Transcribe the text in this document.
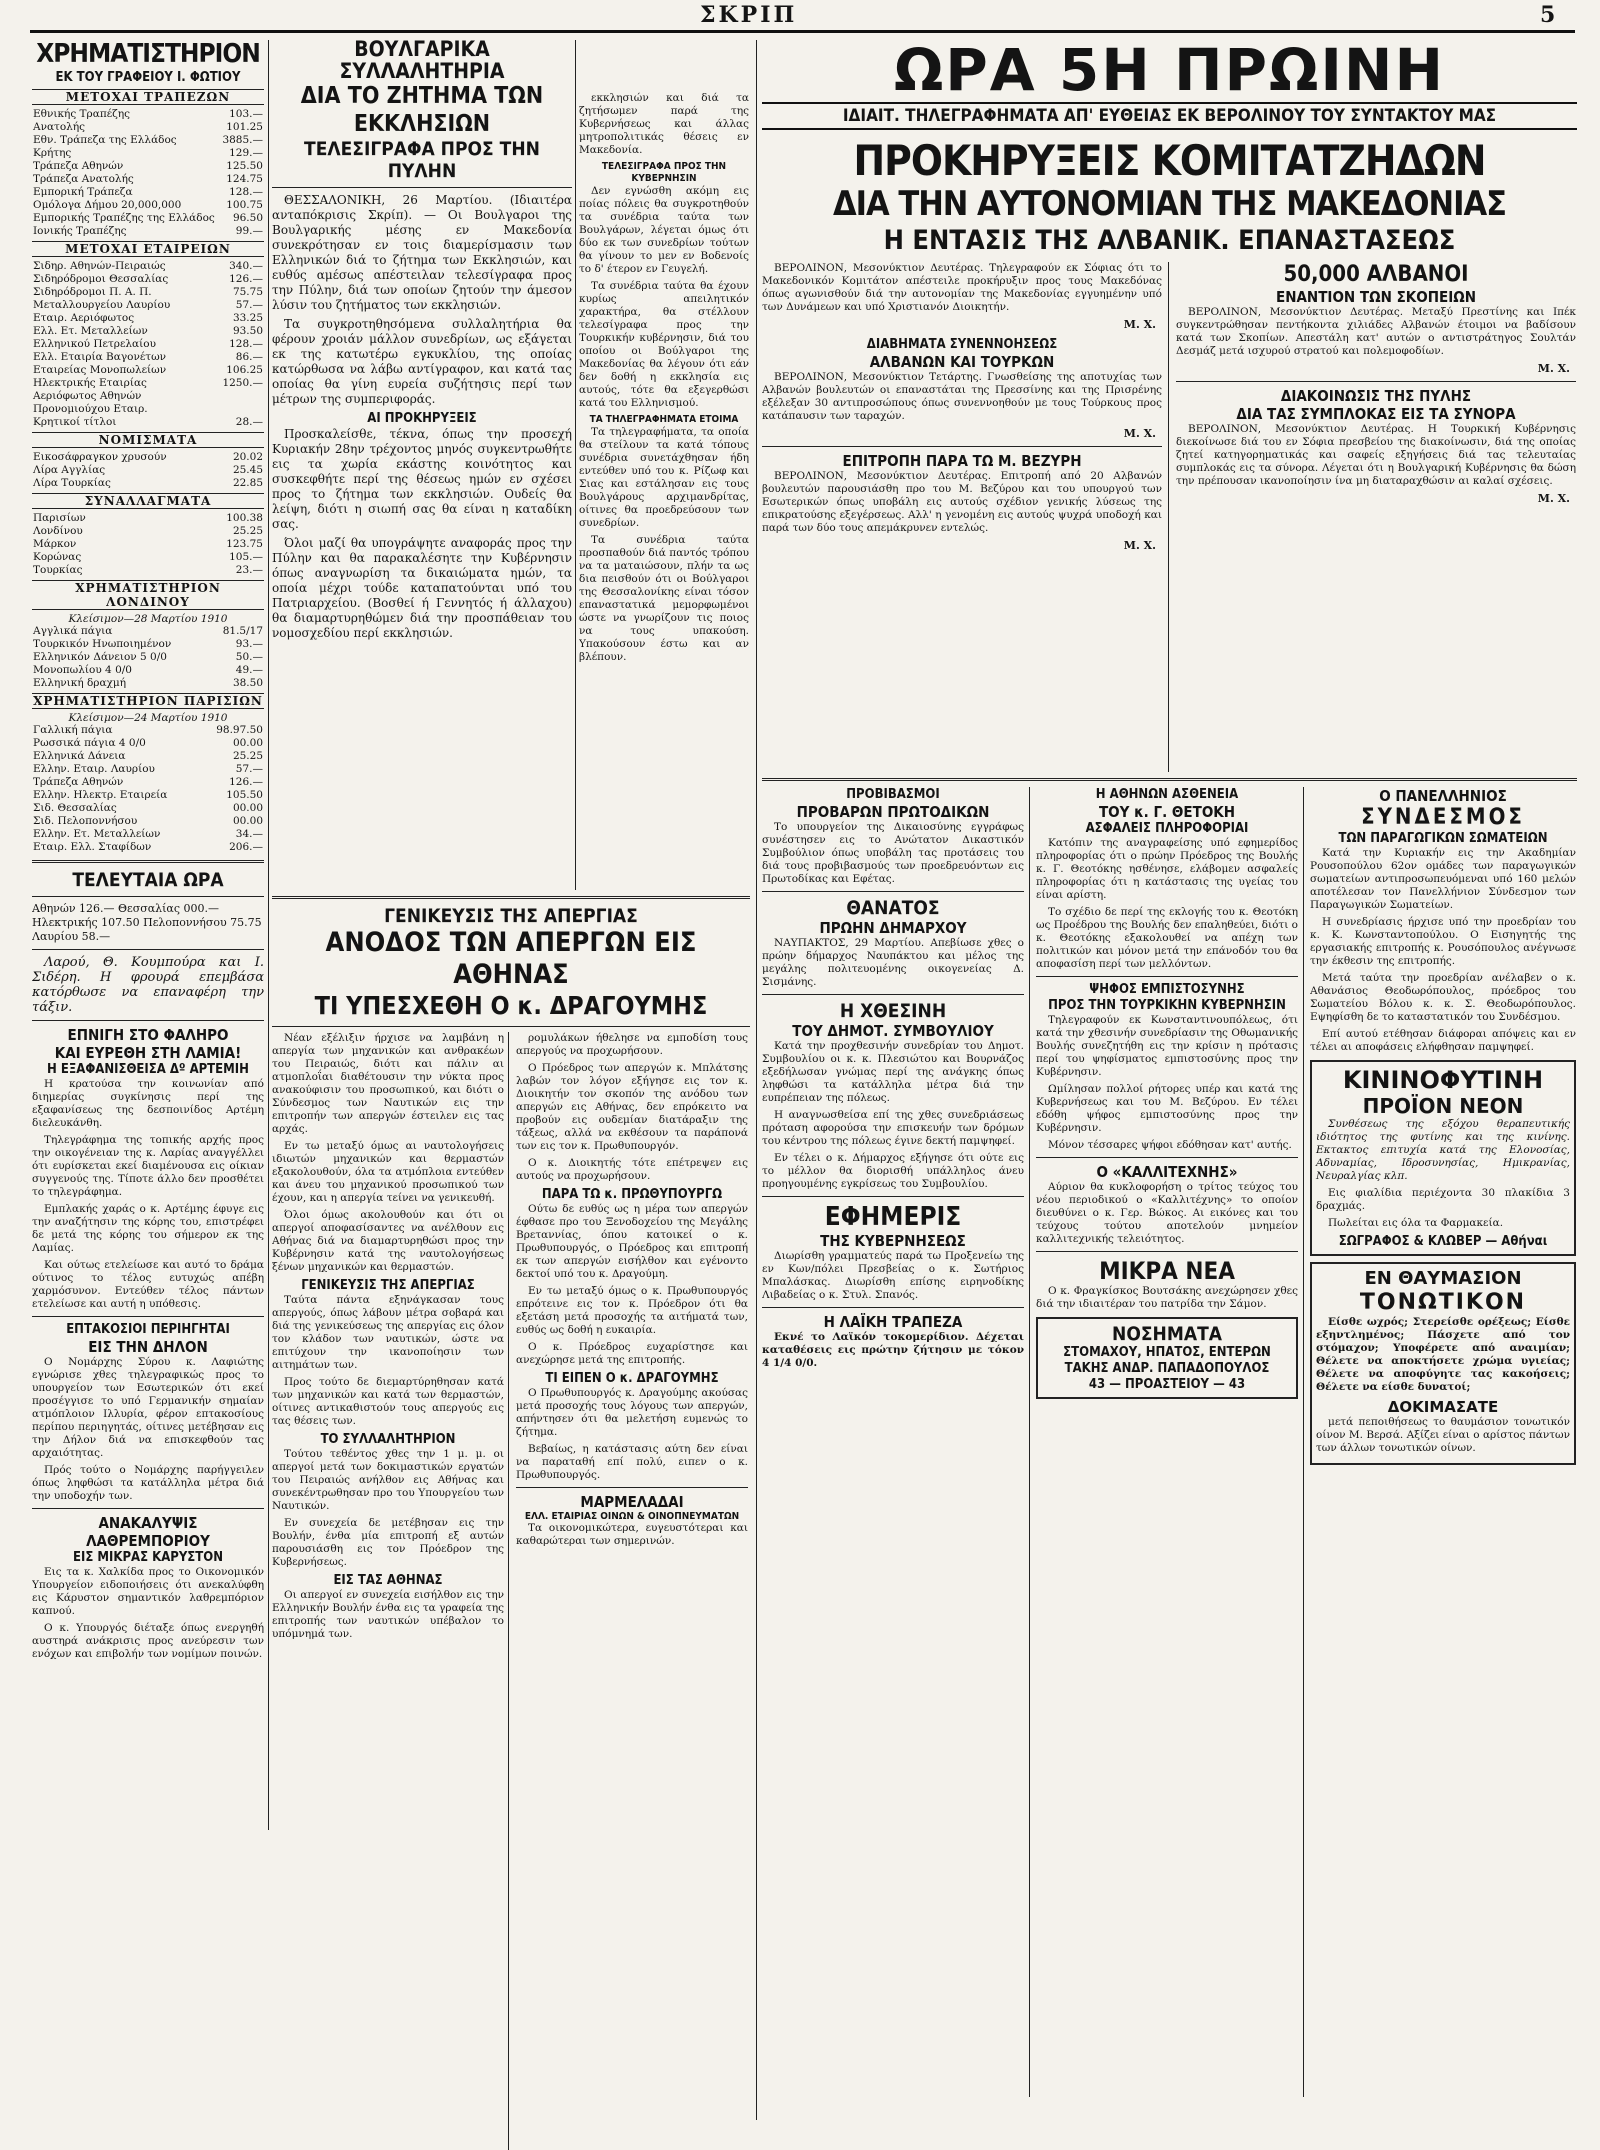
ΣΚΡΙΠ	5
ΧΡΗΜΑΤΙΣΤΗΡΙΟΝ
ΕΚ ΤΟΥ ΓΡΑΦΕΙΟΥ Ι. ΦΩΤΙΟΥ
ΜΕΤΟΧΑΙ ΤΡΑΠΕΖΩΝ
Εθνικής Τραπέζης	103.—
Ανατολής	101.25
Εθν. Τράπεζα της Ελλάδος	3885.—
Κρήτης	129.—
Τράπεζα Αθηνών	125.50
Τράπεζα Ανατολής	124.75
Εμπορική Τράπεζα	128.—
Ομόλογα Δήμου 20,000,000	100.75
Εμπορικής Τραπέζης της Ελλάδος	96.50
Ιονικής Τραπέζης	99.—
ΜΕΤΟΧΑΙ ΕΤΑΙΡΕΙΩΝ
Σιδηρ. Αθηνών-Πειραιώς	340.—
Σιδηρόδρομοι Θεσσαλίας	126.—
Σιδηρόδρομοι Π. Α. Π.	75.75
Μεταλλουργείου Λαυρίου	57.—
Εταιρ. Αεριόφωτος	33.25
Ελλ. Ετ. Μεταλλείων	93.50
Ελληνικού Πετρελαίου	128.—
Ελλ. Εταιρία Βαγονέτων	86.—
Εταιρείας Μονοπωλείων	106.25
Ηλεκτρικής Εταιρίας	1250.—
Αεριόφωτος Αθηνών	
Προνομιούχου Εταιρ.	
Κρητικοί τίτλοι	28.—
ΝΟΜΙΣΜΑΤΑ
Εικοσάφραγκον χρυσούν	20.02
Λίρα Αγγλίας	25.45
Λίρα Τουρκίας	22.85
ΣΥΝΑΛΛΑΓΜΑΤΑ
Παρισίων	100.38
Λονδίνου	25.25
Μάρκον	123.75
Κορώνας	105.—
Τουρκίας	23.—
ΧΡΗΜΑΤΙΣΤΗΡΙΟΝ ΛΟΝΔΙΝΟΥ
Κλείσιμον—28 Μαρτίου 1910
Αγγλικά πάγια	81.5/17
Τουρκικόν Ηνωποιημένον	93.—
Ελληνικόν Δάνειον 5 0/0	50.—
Μονοπωλίου 4 0/0	49.—
Ελληνική δραχμή	38.50
ΧΡΗΜΑΤΙΣΤΗΡΙΟΝ ΠΑΡΙΣΙΩΝ
Κλείσιμον—24 Μαρτίου 1910
Γαλλική πάγια	98.97.50
Ρωσσικά πάγια 4 0/0	00.00
Ελληνικά Δάνεια	25.25
Ελλην. Εταιρ. Λαυρίου	57.—
Τράπεζα Αθηνών	126.—
Ελλην. Ηλεκτρ. Εταιρεία	105.50
Σιδ. Θεσσαλίας	00.00
Σιδ. Πελοποννήσου	00.00
Ελλην. Ετ. Μεταλλείων	34.—
Εταιρ. Ελλ. Σταφίδων	206.—
ΤΕΛΕΥΤΑΙΑ ΩΡΑ
Αθηνών 126.— Θεσσαλίας 000.—
Ηλεκτρικής 107.50 Πελοποννήσου 75.75
Λαυρίου 58.—

Λαρού, Θ. Κουμπούρα και Ι. Σιδέρη. Η φρουρά επεμβάσα κατόρθωσε να επαναφέρη την τάξιν.

ΕΠΝΙΓΗ ΣΤΟ ΦΑΛΗΡΟ
ΚΑΙ ΕΥΡΕΘΗ ΣΤΗ ΛΑΜΙΑ!
Η ΕΞΑΦΑΝΙΣΘΕΙΣΑ Δº ΑΡΤΕΜΙΗ

Η κρατούσα την κοινωνίαν από διημερίας συγκίνησις περί της εξαφανίσεως της δεσποινίδος Αρτέμη διελευκάνθη.

Τηλεγράφημα της τοπικής αρχής προς την οικογένειαν της κ. Λαρίας αναγγέλλει ότι ευρίσκεται εκεί διαμένουσα εις οίκιαν συγγενούς της. Τίποτε άλλο δεν προσθέτει το τηλεγράφημα.

Εμπλακής χαράς ο κ. Αρτέμης έφυγε εις την αναζήτησιν της κόρης του, επιστρέφει δε μετά της κόρης του σήμερον εκ της Λαμίας.

Και ούτως ετελείωσε και αυτό το δράμα ούτινος το τέλος ευτυχώς απέβη χαρμόσυνον. Εντεύθεν τέλος πάντων ετελείωσε και αυτή η υπόθεσις.

ΕΠΤΑΚΟΣΙΟΙ ΠΕΡΙΗΓΗΤΑΙ
ΕΙΣ ΤΗΝ ΔΗΛΟΝ

Ο Νομάρχης Σύρου κ. Λαφιώτης εγνώρισε χθες τηλεγραφικώς προς το υπουργείον των Εσωτερικών ότι εκεί προσέγγισε το υπό Γερμανικήν σημαίαν ατμόπλοιον Ιλλυρία, φέρον επτακοσίους περίπου περιηγητάς, οίτινες μετέβησαν εις την Δήλον διά να επισκεφθούν τας αρχαιότητας.

Πρός τούτο ο Νομάρχης παρήγγειλεν όπως ληφθώσι τα κατάλληλα μέτρα διά την υποδοχήν των.

ΑΝΑΚΑΛΥΨΙΣ
ΛΑΘΡΕΜΠΟΡΙΟΥ
ΕΙΣ ΜΙΚΡΑΣ ΚΑΡΥΣΤΟΝ

Εις τα κ. Χαλκίδα προς το Οικονομικόν Υπουργείον ειδοποιήσεις ότι ανεκαλύφθη εις Κάρυστον σημαντικόν λαθρεμπόριον καπνού.

Ο κ. Υπουργός διέταξε όπως ενεργηθή αυστηρά ανάκρισις προς ανεύρεσιν των ενόχων και επιβολήν των νομίμων ποινών.

ΒΟΥΛΓΑΡΙΚΑ ΣΥΛΛΑΛΗΤΗΡΙΑ
ΔΙΑ ΤΟ ΖΗΤΗΜΑ ΤΩΝ ΕΚΚΛΗΣΙΩΝ
ΤΕΛΕΣΙΓΡΑΦΑ ΠΡΟΣ ΤΗΝ ΠΥΛΗΝ

ΘΕΣΣΑΛΟΝΙΚΗ, 26 Μαρτίου. (Ιδιαιτέρα ανταπόκρισις Σκρίπ). — Οι Βουλγαροι της Βουλγαρικής μέσης εν Μακεδονία συνεκρότησαν εν τοις διαμερίσμασιν των Ελληνικών διά το ζήτημα των Εκκλησιών, και ευθύς αμέσως απέστειλαν τελεσίγραφα προς την Πύλην, διά των οποίων ζητούν την άμεσον λύσιν του ζητήματος των εκκλησιών.

Τα συγκροτηθησόμενα συλλαλητήρια θα φέρουν χροιάν μάλλον συνεδρίων, ως εξάγεται εκ της κατωτέρω εγκυκλίου, της οποίας κατώρθωσα να λάβω αντίγραφον, και κατά τας οποίας θα γίνη ευρεία συζήτησις περί των μέτρων της συμπεριφοράς.

ΑΙ ΠΡΟΚΗΡΥΞΕΙΣ

Προσκαλείσθε, τέκνα, όπως την προσεχή Κυριακήν 28ην τρέχοντος μηνός συγκεντρωθήτε εις τα χωρία εκάστης κοινότητος και συσκεφθήτε περί της θέσεως ημών εν σχέσει προς το ζήτημα των εκκλησιών. Ουδείς θα λείψη, διότι η σιωπή σας θα είναι η καταδίκη σας.

Όλοι μαζί θα υπογράψητε αναφοράς προς την Πύλην και θα παρακαλέσητε την Κυβέρνησιν όπως αναγνωρίση τα δικαιώματα ημών, τα οποία μέχρι τούδε καταπατούνται υπό του Πατριαρχείου. (Βοσθεί ή Γεννητός ή άλλαχου) θα διαμαρτυρηθώμεν διά την προσπάθειαν του νομοσχεδίου περί εκκλησιών.

εκκλησιών και διά τα ζητήσωμεν παρά της Κυβερνήσεως και άλλας μητροπολιτικάς θέσεις εν Μακεδονία.

ΤΕΛΕΣΙΓΡΑΦΑ ΠΡΟΣ ΤΗΝ ΚΥΒΕΡΝΗΣΙΝ

Δεν εγνώσθη ακόμη εις ποίας πόλεις θα συγκροτηθούν τα συνέδρια ταύτα των Βουλγάρων, λέγεται όμως ότι δύο εκ των συνεδρίων τούτων θα γίνουν το μεν εν Βοδενοίς το δ' έτερον εν Γευγελή.

Τα συνέδρια ταύτα θα έχουν κυρίως απειλητικόν χαρακτήρα, θα στέλλουν τελεσίγραφα προς την Τουρκικήν κυβέρνησιν, διά του οποίου οι Βούλγαροι της Μακεδονίας θα λέγουν ότι εάν δεν δοθή η εκκλησία εις αυτούς, τότε θα εξεγερθώσι κατά του Ελληνισμού.

ΤΑ ΤΗΛΕΓΡΑΦΗΜΑΤΑ ΕΤΟΙΜΑ

Τα τηλεγραφήματα, τα οποία θα στείλουν τα κατά τόπους συνέδρια συνετάχθησαν ήδη εντεύθεν υπό του κ. Ρίζωφ και Σιας και εστάλησαν εις τους Βουλγάρους αρχιμανδρίτας, οίτινες θα προεδρεύσουν των συνεδρίων.

Τα συνέδρια ταύτα προσπαθούν διά παντός τρόπου να τα ματαιώσουν, πλήν τα ως δια πεισθούν ότι οι Βούλγαροι της Θεσσαλονίκης είναι τόσον επαναστατικά μεμορφωμένοι ώστε να γνωρίζουν τις ποιος να τους υπακούση. Υπακούσουν έστω και αν βλέπουν.

ΓΕΝΙΚΕΥΣΙΣ ΤΗΣ ΑΠΕΡΓΙΑΣ
ΑΝΟΔΟΣ ΤΩΝ ΑΠΕΡΓΩΝ ΕΙΣ ΑΘΗΝΑΣ
ΤΙ ΥΠΕΣΧΕΘΗ Ο κ. ΔΡΑΓΟΥΜΗΣ

Νέαν εξέλιξιν ήρχισε να λαμβάνη η απεργία των μηχανικών και ανθρακέων του Πειραιώς, διότι και πάλιν αι ατμοπλοΐαι διαθέτουσιν την νύκτα προς ανακούφισιν του προσωπικού, και διότι ο Σύνδεσμος των Ναυτικών εις την επιτροπήν των απεργών έστειλεν εις τας αρχάς.

Εν τω μεταξύ όμως αι ναυτολογήσεις ιδιωτών μηχανικών και θερμαστών εξακολουθούν, όλα τα ατμόπλοια εντεύθεν και άνευ του μηχανικού προσωπικού των έχουν, και η απεργία τείνει να γενικευθή.

Όλοι όμως ακολουθούν και ότι οι απεργοί αποφασίσαντες να ανέλθουν εις Αθήνας διά να διαμαρτυρηθώσι προς την Κυβέρνησιν κατά της ναυτολογήσεως ξένων μηχανικών και θερμαστών.

ΓΕΝΙΚΕΥΣΙΣ ΤΗΣ ΑΠΕΡΓΙΑΣ

Ταύτα πάντα εξηνάγκασαν τους απεργούς, όπως λάβουν μέτρα σοβαρά και διά της γενικεύσεως της απεργίας εις όλον τον κλάδον των ναυτικών, ώστε να επιτύχουν την ικανοποίησιν των αιτημάτων των.

Προς τούτο δε διεμαρτύρηθησαν κατά των μηχανικών και κατά των θερμαστών, οίτινες αντικαθιστούν τους απεργούς εις τας θέσεις των.

ΤΟ ΣΥΛΛΑΛΗΤΗΡΙΟΝ

Τούτου τεθέντος χθες την 1 μ. μ. οι απεργοί μετά των δοκιμαστικών εργατών του Πειραιώς ανήλθον εις Αθήνας και συνεκέντρωθησαν προ του Υπουργείου των Ναυτικών.

Εν συνεχεία δε μετέβησαν εις την Βουλήν, ένθα μία επιτροπή εξ αυτών παρουσιάσθη εις τον Πρόεδρον της Κυβερνήσεως.

ΕΙΣ ΤΑΣ ΑΘΗΝΑΣ

Οι απεργοί εν συνεχεία εισήλθον εις την Ελληνικήν Βουλήν ένθα εις τα γραφεία της επιτροπής των ναυτικών υπέβαλον το υπόμνημά των.

ρομυλάκων ήθελησε να εμποδίση τους απεργούς να προχωρήσουν.

Ο Πρόεδρος των απεργών κ. Μπλάτσης λαβών τον λόγον εξήγησε εις τον κ. Διοικητήν τον σκοπόν της ανόδου των απεργών εις Αθήνας, δεν επρόκειτο να προβούν εις ουδεμίαν διατάραξιν της τάξεως, αλλά να εκθέσουν τα παράπονά των εις τον κ. Πρωθυπουργόν.

Ο κ. Διοικητής τότε επέτρεψεν εις αυτούς να προχωρήσουν.

ΠΑΡΑ ΤΩ κ. ΠΡΩΘΥΠΟΥΡΓΩ

Ούτω δε ευθύς ως η μέρα των απεργών έφθασε προ του Ξενοδοχείου της Μεγάλης Βρεταννίας, όπου κατοικεί ο κ. Πρωθυπουργός, ο Πρόεδρος και επιτροπή εκ των απεργών εισήλθον και εγένοντο δεκτοί υπό του κ. Δραγούμη.

Εν τω μεταξύ όμως ο κ. Πρωθυπουργός επρότεινε εις τον κ. Πρόεδρον ότι θα εξετάση μετά προσοχής τα αιτήματά των, ευθύς ως δοθή η ευκαιρία.

Ο κ. Πρόεδρος ευχαρίστησε και ανεχώρησε μετά της επιτροπής.

ΤΙ ΕΙΠΕΝ Ο κ. ΔΡΑΓΟΥΜΗΣ

Ο Πρωθυπουργός κ. Δραγούμης ακούσας μετά προσοχής τους λόγους των απεργών, απήντησεν ότι θα μελετήση ευμενώς το ζήτημα.

Βεβαίως, η κατάστασις αύτη δεν είναι να παραταθή επί πολύ, ειπεν ο κ. Πρωθυπουργός.

ΜΑΡΜΕΛΑΔΑΙ
ΕΛΛ. ΕΤΑΙΡΙΑΣ ΟΙΝΩΝ & ΟΙΝΟΠΝΕΥΜΑΤΩΝ

Τα οικονομικώτερα, ευγευστότεραι και καθαρώτεραι των σημερινών.

ΩΡΑ 5Η ΠΡΩΙΝΗ
ΙΔΙΑΙΤ. ΤΗΛΕΓΡΑΦΗΜΑΤΑ ΑΠ' ΕΥΘΕΙΑΣ ΕΚ ΒΕΡΟΛΙΝΟΥ ΤΟΥ ΣΥΝΤΑΚΤΟΥ ΜΑΣ
ΠΡΟΚΗΡΥΞΕΙΣ ΚΟΜΙΤΑΤΖΗΔΩΝ
ΔΙΑ ΤΗΝ ΑΥΤΟΝΟΜΙΑΝ ΤΗΣ ΜΑΚΕΔΟΝΙΑΣ
Η ΕΝΤΑΣΙΣ ΤΗΣ ΑΛΒΑΝΙΚ. ΕΠΑΝΑΣΤΑΣΕΩΣ

ΒΕΡΟΛΙΝΟΝ, Μεσονύκτιον Δευτέρας. Τηλεγραφούν εκ Σόφιας ότι το Μακεδονικόν Κομιτάτον απέστειλε προκήρυξιν προς τους Μακεδόνας όπως αγωνισθούν διά την αυτονομίαν της Μακεδονίας εγγυημένην υπό των Δυνάμεων και υπό Χριστιανόν Διοικητήν.

Μ. Χ.
ΔΙΑΒΗΜΑΤΑ ΣΥΝΕΝΝΟΗΣΕΩΣ
ΑΛΒΑΝΩΝ ΚΑΙ ΤΟΥΡΚΩΝ

ΒΕΡΟΛΙΝΟΝ, Μεσονύκτιον Τετάρτης. Γνωσθείσης της αποτυχίας των Αλβανών βουλευτών οι επαναστάται της Πρεσσίνης και της Πρισρένης εξέλεξαν 30 αντιπροσώπους όπως συνεννοηθούν με τους Τούρκους προς κατάπαυσιν των ταραχών.

Μ. Χ.
ΕΠΙΤΡΟΠΗ ΠΑΡΑ ΤΩ Μ. ΒΕΖΥΡΗ

ΒΕΡΟΛΙΝΟΝ, Μεσονύκτιον Δευτέρας. Επιτροπή από 20 Αλβανών βουλευτών παρουσιάσθη προ του Μ. Βεζύρου και του υπουργού των Εσωτερικών όπως υποβάλη εις αυτούς σχέδιον γενικής λύσεως της επικρατούσης εξεγέρσεως. Αλλ' η γενομένη εις αυτούς ψυχρά υποδοχή και παρά των δύο τους απεμάκρυνεν εντελώς.

Μ. Χ.
50,000 ΑΛΒΑΝΟΙ
ΕΝΑΝΤΙΟΝ ΤΩΝ ΣΚΟΠΕΙΩΝ

ΒΕΡΟΛΙΝΟΝ, Μεσονύκτιον Δευτέρας. Μεταξύ Πρεστίνης και Ιπέκ συγκεντρώθησαν πεντήκοντα χιλιάδες Αλβανών έτοιμοι να βαδίσουν κατά των Σκοπίων. Απεστάλη κατ' αυτών ο αντιστράτηγος Σουλτάν Δεσμάζ μετά ισχυρού στρατού και πολεμοφοδίων.

Μ. Χ.
ΔΙΑΚΟΙΝΩΣΙΣ ΤΗΣ ΠΥΛΗΣ
ΔΙΑ ΤΑΣ ΣΥΜΠΛΟΚΑΣ ΕΙΣ ΤΑ ΣΥΝΟΡΑ

ΒΕΡΟΛΙΝΟΝ, Μεσονύκτιον Δευτέρας. Η Τουρκική Κυβέρνησις διεκοίνωσε διά του εν Σόφια πρεσβείου της διακοίνωσιν, διά της οποίας ζητεί κατηγορηματικάς και σαφείς εξηγήσεις διά τας τελευταίας συμπλοκάς εις τα σύνορα. Λέγεται ότι η Βουλγαρική Κυβέρνησις θα δώση την πρέπουσαν ικανοποίησιν ίνα μη διαταραχθώσιν αι καλαί σχέσεις.

Μ. Χ.
ΠΡΟΒΙΒΑΣΜΟΙ
ΠΡΟΒΑΡΩΝ ΠΡΩΤΟΔΙΚΩΝ

Το υπουργείον της Δικαιοσύνης εγγράφως συνέστησεν εις το Ανώτατον Δικαστικόν Συμβούλιον όπως υποβάλη τας προτάσεις του διά τους προβιβασμούς των προεδρευόντων εις Πρωτοδίκας και Εφέτας.

ΘΑΝΑΤΟΣ
ΠΡΩΗΝ ΔΗΜΑΡΧΟΥ

ΝΑΥΠΑΚΤΟΣ, 29 Μαρτίου. Απεβίωσε χθες ο πρώην δήμαρχος Ναυπάκτου και μέλος της μεγάλης πολιτευομένης οικογενείας Δ. Σισμάνης.

Η ΧΘΕΣΙΝΗ
ΤΟΥ ΔΗΜΟΤ. ΣΥΜΒΟΥΛΙΟΥ

Κατά την προχθεσινήν συνεδρίαν του Δημοτ. Συμβουλίου οι κ. κ. Πλεσιώτου και Βουρνάζος εξεδήλωσαν γνώμας περί της ανάγκης όπως ληφθώσι τα κατάλληλα μέτρα διά την ευπρέπειαν της πόλεως.

Η αναγνωσθείσα επί της χθες συνεδριάσεως πρόταση αφορούσα την επισκευήν των δρόμων του κέντρου της πόλεως έγινε δεκτή παμψηφεί.

Εν τέλει ο κ. Δήμαρχος εξήγησε ότι ούτε εις το μέλλον θα διορισθή υπάλληλος άνευ προηγουμένης εγκρίσεως του Συμβουλίου.

ΕΦΗΜΕΡΙΣ
ΤΗΣ ΚΥΒΕΡΝΗΣΕΩΣ

Διωρίσθη γραμματεύς παρά τω Προξενείω της εν Κων/πόλει Πρεσβείας ο κ. Σωτήριος Μπαλάσκας. Διωρίσθη επίσης ειρηνοδίκης Λιβαδείας ο κ. Στυλ. Σπανός.

Η ΛΑΪΚΗ ΤΡΑΠΕΖΑ

Εκνέ το Λαϊκόν τοκομερίδιον. Δέχεται καταθέσεις εις πρώτην ζήτησιν με τόκον 4 1/4 0/0.

Η ΑΘΗΝΩΝ ΑΣΘΕΝΕΙΑ
ΤΟΥ κ. Γ. ΘΕΤΟΚΗ
ΑΣΦΑΛΕΙΣ ΠΛΗΡΟΦΟΡΙΑΙ

Κατόπιν της αναγραφείσης υπό εφημερίδος πληροφορίας ότι ο πρώην Πρόεδρος της Βουλής κ. Γ. Θεοτόκης ησθένησε, ελάβομεν ασφαλείς πληροφορίας ότι η κατάστασις της υγείας του είναι αρίστη.

Το σχέδιο δε περί της εκλογής του κ. Θεοτόκη ως Προέδρου της Βουλής δεν επαληθεύει, διότι ο κ. Θεοτόκης εξακολουθεί να απέχη των πολιτικών και μόνον μετά την επάνοδόν του θα αποφασίση περί των μελλόντων.

ΨΗΦΟΣ ΕΜΠΙΣΤΟΣΥΝΗΣ
ΠΡΟΣ ΤΗΝ ΤΟΥΡΚΙΚΗΝ ΚΥΒΕΡΝΗΣΙΝ

Τηλεγραφούν εκ Κωνσταντινουπόλεως, ότι κατά την χθεσινήν συνεδρίασιν της Οθωμανικής Βουλής συνεζητήθη εις την κρίσιν η πρότασις περί του ψηφίσματος εμπιστοσύνης προς την Κυβέρνησιν.

Ωμίλησαν πολλοί ρήτορες υπέρ και κατά της Κυβερνήσεως και του Μ. Βεζύρου. Εν τέλει εδόθη ψήφος εμπιστοσύνης προς την Κυβέρνησιν.

Μόνον τέσσαρες ψήφοι εδόθησαν κατ' αυτής.

Ο «ΚΑΛΛΙΤΕΧΝΗΣ»

Αύριον θα κυκλοφορήση ο τρίτος τεύχος του νέου περιοδικού ο «Καλλιτέχνης» το οποίον διευθύνει ο κ. Γερ. Βώκος. Αι εικόνες και του τεύχους τούτου αποτελούν μνημείον καλλιτεχνικής τελειότητος.

ΜΙΚΡΑ ΝΕΑ

Ο κ. Φραγκίσκος Βουτσάκης ανεχώρησεν χθες διά την ιδιαιτέραν του πατρίδα την Σάμον.

ΝΟΣΗΜΑΤΑ
ΣΤΟΜΑΧΟΥ, ΗΠΑΤΟΣ, ΕΝΤΕΡΩΝ
ΤΑΚΗΣ ΑΝΔΡ. ΠΑΠΑΔΟΠΟΥΛΟΣ
43 — ΠΡΟΑΣΤΕΙΟΥ — 43
Ο ΠΑΝΕΛΛΗΝΙΟΣ
ΣΥΝΔΕΣΜΟΣ
ΤΩΝ ΠΑΡΑΓΩΓΙΚΩΝ ΣΩΜΑΤΕΙΩΝ

Κατά την Κυριακήν εις την Ακαδημίαν Ρουσοπούλου 62ον ομάδες των παραγωγικών σωματείων αντιπροσωπευόμεναι υπό 160 μελών αποτέλεσαν τον Πανελλήνιον Σύνδεσμον των Παραγωγικών Σωματείων.

Η συνεδρίασις ήρχισε υπό την προεδρίαν του κ. Κ. Κωνσταντοπούλου. Ο Εισηγητής της εργασιακής επιτροπής κ. Ρουσόπουλος ανέγνωσε την έκθεσιν της επιτροπής.

Μετά ταύτα την προεδρίαν ανέλαβεν ο κ. Αθανάσιος Θεοδωρόπουλος, πρόεδρος του Σωματείου Βόλου κ. κ. Σ. Θεοδωρόπουλος. Εψηφίσθη δε το καταστατικόν του Συνδέσμου.

Επί αυτού ετέθησαν διάφοραι απόψεις και εν τέλει αι αποφάσεις ελήφθησαν παμψηφεί.

ΚΙΝΙΝΟΦΥΤΙΝΗ
ΠΡΟΪΟΝ ΝΕΟΝ

Συνθέσεως της εξόχου θεραπευτικής ιδιότητος της φυτίνης και της κινίνης. Εκτακτος επιτυχία κατά της Ελονοσίας, Αδυναμίας, Ιδροσυνησίας, Ημικρανίας, Νευραλγίας κλπ.

Εις φιαλίδια περιέχοντα 30 πλακίδια 3 δραχμάς.

Πωλείται εις όλα τα Φαρμακεία.

ΣΩΓΡΑΦΟΣ & ΚΛΩΒΕΡ — Αθήναι
ΕΝ ΘΑΥΜΑΣΙΟΝ
ΤΟΝΩΤΙΚΟΝ

Είσθε ωχρός; Στερείσθε ορέξεως; Είσθε εξηντλημένος; Πάσχετε από τον στόμαχον; Υποφέρετε από αναιμίαν; Θέλετε να αποκτήσετε χρώμα υγιείας; Θέλετε να αποφύγητε τας κακοήσεις; Θέλετε να είσθε δυνατοί;

ΔΟΚΙΜΑΣΑΤΕ

μετά πεποιθήσεως το θαυμάσιον τονωτικόν οίνον Μ. Βερσά. Αξίζει είναι ο αρίστος πάντων των άλλων τονωτικών οίνων.
